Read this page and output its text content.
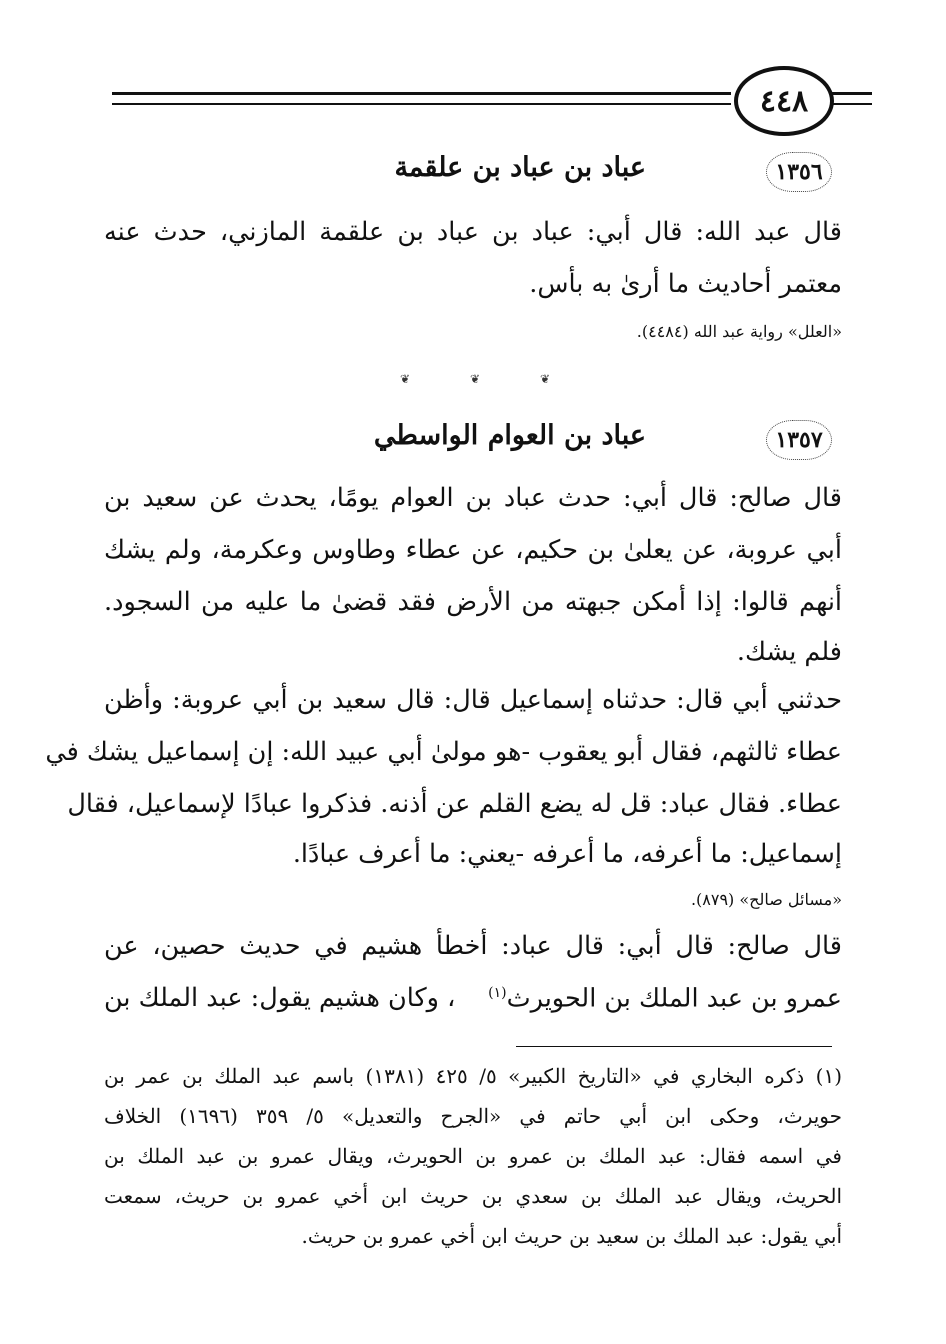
٤٤٨
١٣٥٦
عباد بن عباد بن علقمة
قال عبد الله: قال أبي: عباد بن عباد بن علقمة المازني، حدث عنه
معتمر أحاديث ما أرىٰ به بأس.
«العلل» رواية عبد الله (٤٤٨٤).
❦	❦	❦
١٣٥٧
عباد بن العوام الواسطي
قال صالح: قال أبي: حدث عباد بن العوام يومًا، يحدث عن سعيد بن
أبي عروبة، عن يعلىٰ بن حكيم، عن عطاء وطاوس وعكرمة، ولم يشك
أنهم قالوا: إذا أمكن جبهته من الأرض فقد قضىٰ ما عليه من السجود.
فلم يشك.
حدثني أبي قال: حدثناه إسماعيل قال: قال سعيد بن أبي عروبة: وأظن
عطاء ثالثهم، فقال أبو يعقوب -هو مولىٰ أبي عبيد الله: إن إسماعيل يشك في
عطاء. فقال عباد: قل له يضع القلم عن أذنه. فذكروا عبادًا لإسماعيل، فقال
إسماعيل: ما أعرفه، ما أعرفه -يعني: ما أعرف عبادًا.
«مسائل صالح» (٨٧٩).
قال صالح: قال أبي: قال عباد: أخطأ هشيم في حديث حصين، عن
عمرو بن عبد الملك بن الحويرث$^{(١)}$
، وكان هشيم يقول: عبد الملك بن
(١) ذكره البخاري في «التاريخ الكبير» ٥/ ٤٢٥ (١٣٨١) باسم عبد الملك بن عمر بن
حويرث، وحكى ابن أبي حاتم في «الجرح والتعديل» ٥/ ٣٥٩ (١٦٩٦) الخلاف
في اسمه فقال: عبد الملك بن عمرو بن الحويرث، ويقال عمرو بن عبد الملك بن
الحريث، ويقال عبد الملك بن سعدي بن حريث ابن أخي عمرو بن حريث، سمعت
أبي يقول: عبد الملك بن سعيد بن حريث ابن أخي عمرو بن حريث.
